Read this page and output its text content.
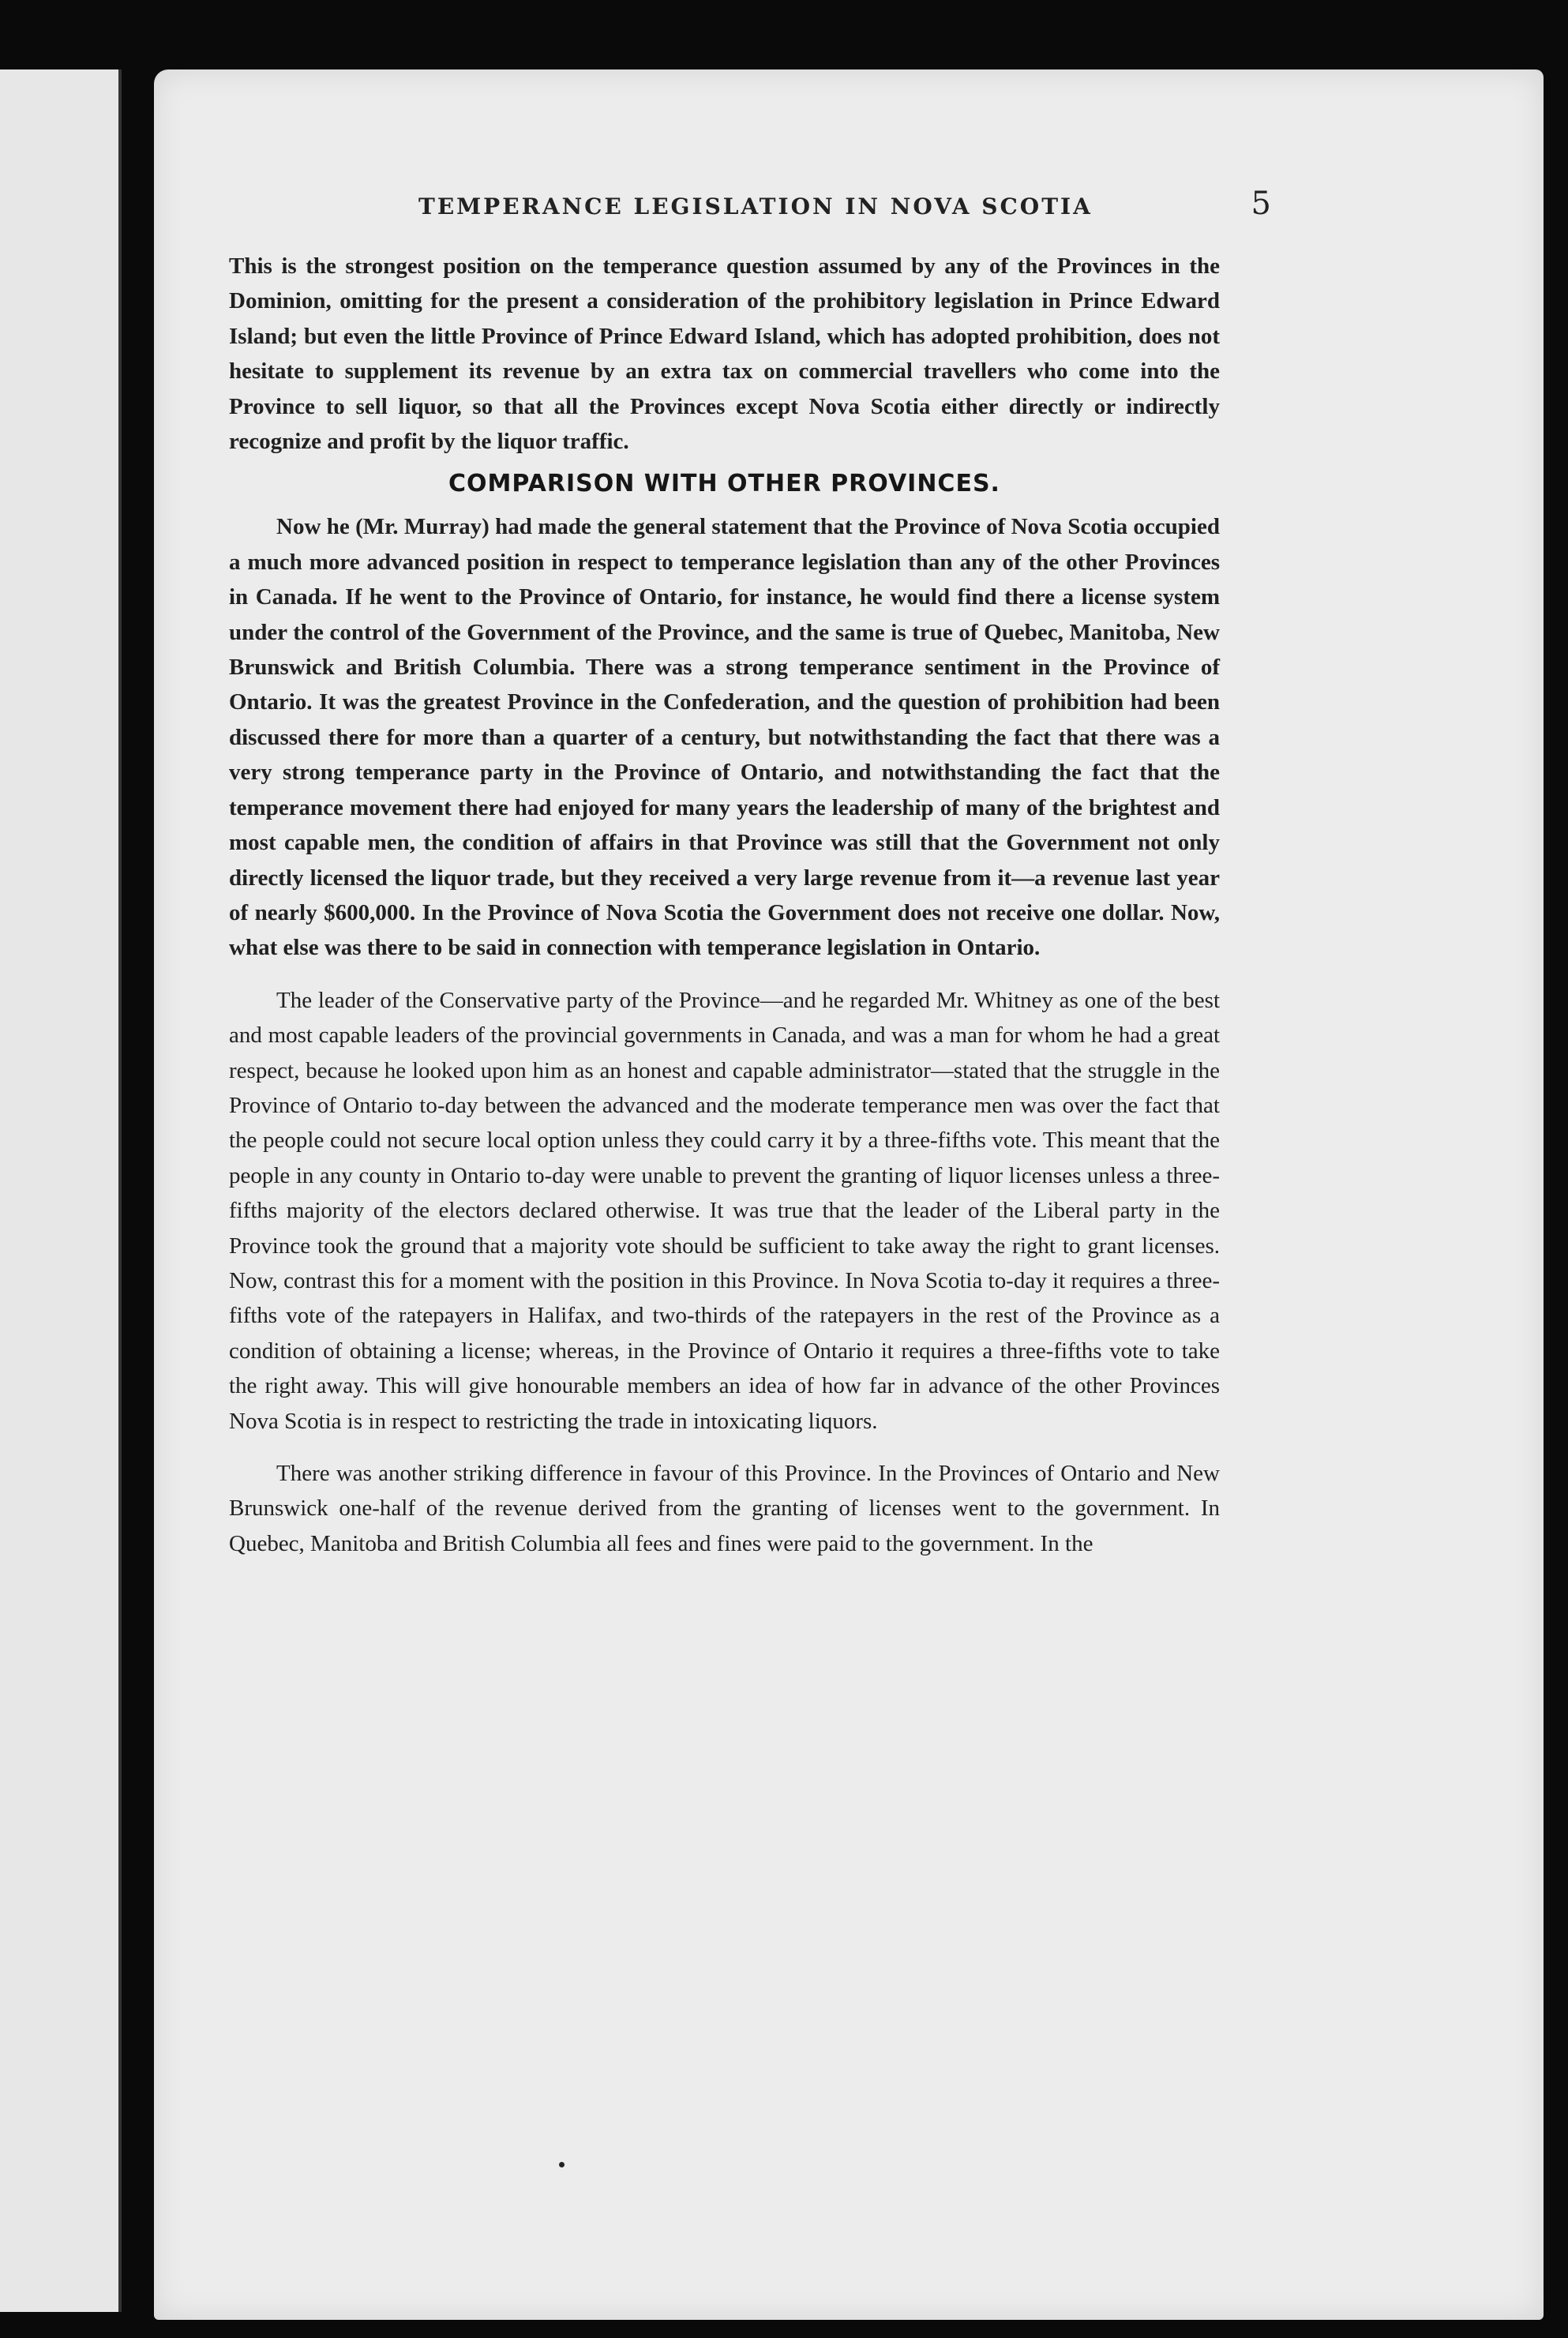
TEMPERANCE LEGISLATION IN NOVA SCOTIA	5

This is the strongest position on the temperance question assumed by any of the Provinces in the Dominion, omitting for the present a consideration of the prohibitory legislation in Prince Edward Island; but even the little Province of Prince Edward Island, which has adopted prohibition, does not hesitate to supplement its revenue by an extra tax on commercial travellers who come into the Province to sell liquor, so that all the Provinces except Nova Scotia either directly or indirectly recognize and profit by the liquor traffic.

COMPARISON WITH OTHER PROVINCES.

Now he (Mr. Murray) had made the general statement that the Province of Nova Scotia occupied a much more advanced position in respect to temperance legislation than any of the other Provinces in Canada. If he went to the Province of Ontario, for instance, he would find there a license system under the control of the Government of the Province, and the same is true of Quebec, Manitoba, New Brunswick and British Columbia. There was a strong temperance sentiment in the Province of Ontario. It was the greatest Province in the Confederation, and the question of prohibition had been discussed there for more than a quarter of a century, but notwithstanding the fact that there was a very strong temperance party in the Province of Ontario, and notwithstanding the fact that the temperance movement there had enjoyed for many years the leadership of many of the brightest and most capable men, the condition of affairs in that Province was still that the Government not only directly licensed the liquor trade, but they received a very large revenue from it—a revenue last year of nearly $600,000. In the Province of Nova Scotia the Government does not receive one dollar. Now, what else was there to be said in connection with temperance legislation in Ontario.

The leader of the Conservative party of the Province—and he regarded Mr. Whitney as one of the best and most capable leaders of the provincial governments in Canada, and was a man for whom he had a great respect, because he looked upon him as an honest and capable administrator—stated that the struggle in the Province of Ontario to-day between the advanced and the moderate temperance men was over the fact that the people could not secure local option unless they could carry it by a three-fifths vote. This meant that the people in any county in Ontario to-day were unable to prevent the granting of liquor licenses unless a three-fifths majority of the electors declared otherwise. It was true that the leader of the Liberal party in the Province took the ground that a majority vote should be sufficient to take away the right to grant licenses. Now, contrast this for a moment with the position in this Province. In Nova Scotia to-day it requires a three-fifths vote of the ratepayers in Halifax, and two-thirds of the ratepayers in the rest of the Province as a condition of obtaining a license; whereas, in the Province of Ontario it requires a three-fifths vote to take the right away. This will give honourable members an idea of how far in advance of the other Provinces Nova Scotia is in respect to restricting the trade in intoxicating liquors.

There was another striking difference in favour of this Province. In the Provinces of Ontario and New Brunswick one-half of the revenue derived from the granting of licenses went to the government. In Quebec, Manitoba and British Columbia all fees and fines were paid to the government. In the
